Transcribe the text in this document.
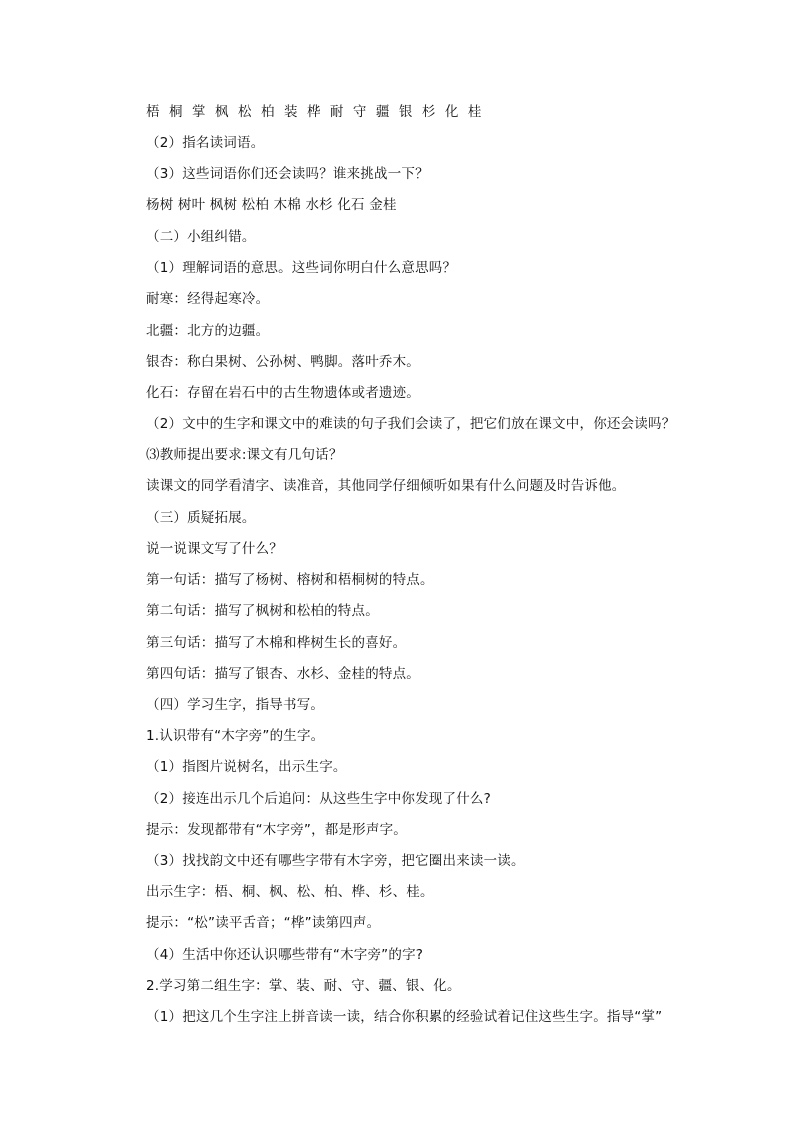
梧 桐 掌 枫 松 柏 装 桦 耐 守 疆 银 杉 化 桂
（2）指名读词语。
（3）这些词语你们还会读吗？谁来挑战一下？
杨树 树叶 枫树 松柏 木棉 水杉 化石 金桂
（二）小组纠错。
（1）理解词语的意思。这些词你明白什么意思吗？
耐寒：经得起寒冷。
北疆：北方的边疆。
银杏：称白果树、公孙树、鸭脚。落叶乔木。
化石：存留在岩石中的古生物遗体或者遗迹。
（2）文中的生字和课文中的难读的句子我们会读了，把它们放在课文中，你还会读吗？
⑶教师提出要求:课文有几句话？
读课文的同学看清字、读准音，其他同学仔细倾听如果有什么问题及时告诉他。
（三）质疑拓展。
说一说课文写了什么？
第一句话：描写了杨树、榕树和梧桐树的特点。
第二句话：描写了枫树和松柏的特点。
第三句话：描写了木棉和桦树生长的喜好。
第四句话：描写了银杏、水杉、金桂的特点。
（四）学习生字，指导书写。
1.认识带有“木字旁”的生字。
（1）指图片说树名，出示生字。
（2）接连出示几个后追问：从这些生字中你发现了什么?
提示：发现都带有“木字旁”，都是形声字。
（3）找找韵文中还有哪些字带有木字旁，把它圈出来读一读。
出示生字：梧、桐、枫、松、柏、桦、杉、桂。
提示：“松”读平舌音；“桦”读第四声。
（4）生活中你还认识哪些带有“木字旁”的字?
2.学习第二组生字：掌、装、耐、守、疆、银、化。
（1）把这几个生字注上拼音读一读，结合你积累的经验试着记住这些生字。指导“掌”
